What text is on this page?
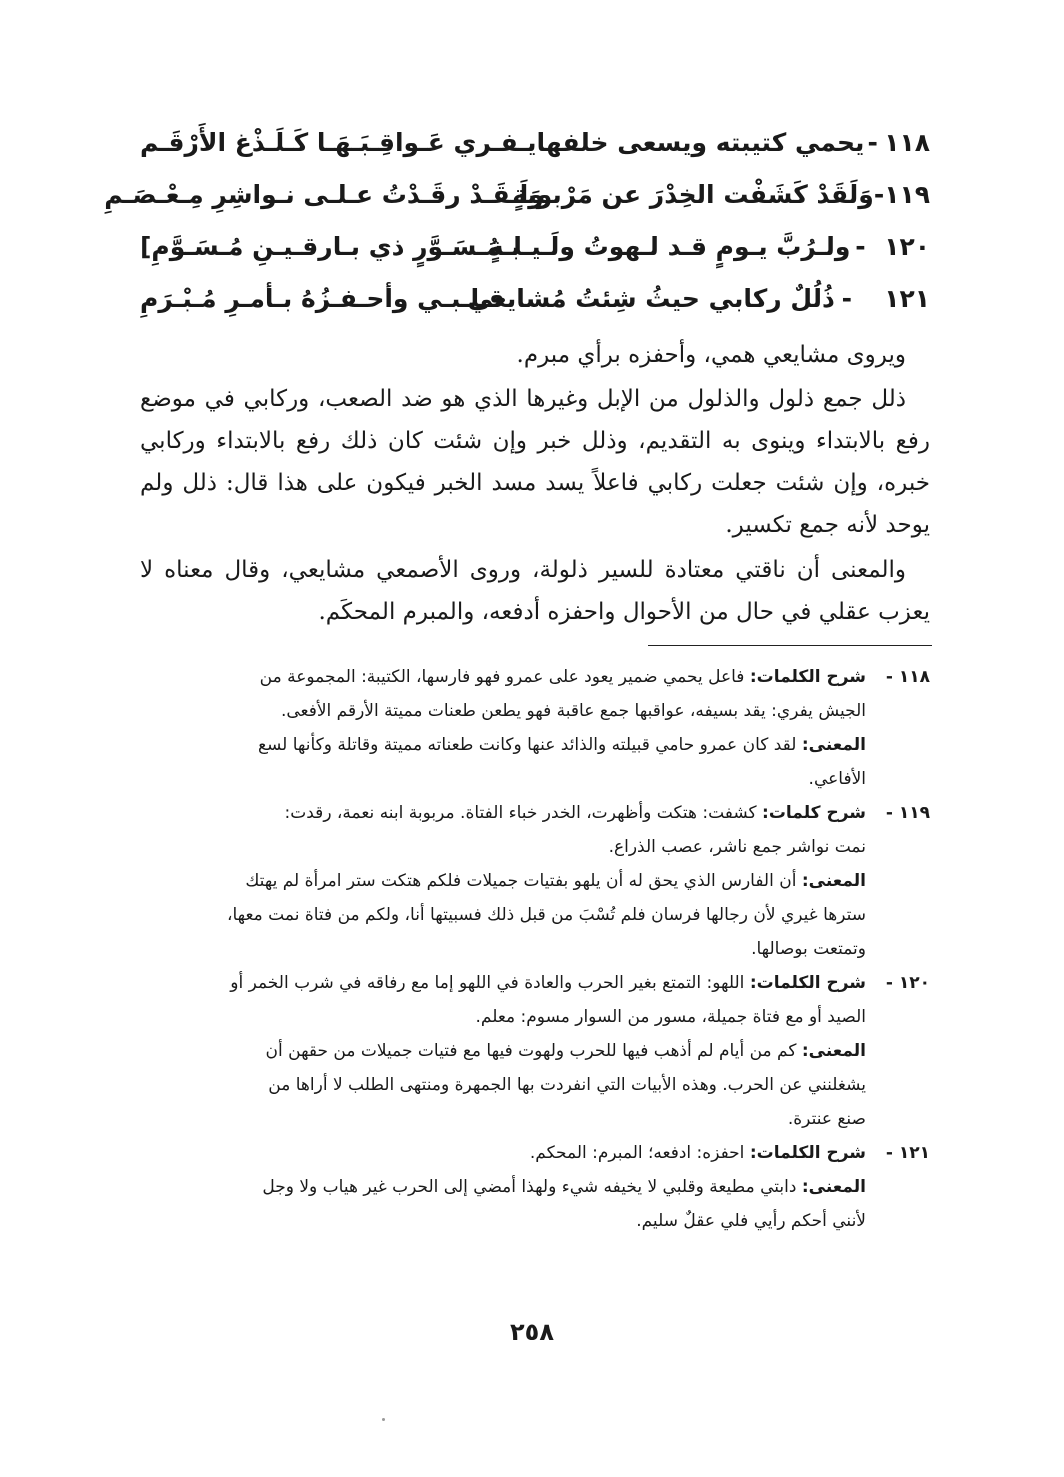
١١٨
-
يحمي كتيبته ويسعى خلفها
يـفـري عَـواقِـبَـهَـا كَـلَـذْغ الأَرْقَـم
١١٩
-
وَلَقَدْ كَشَفْت الخِدْرَ عن مَرْبوبةٍ
وَلَـقَـدْ رقَـدْتُ عـلـى نـواشِرِ مِـعْـصَـمِ
١٢٠
-
ولـرُبَّ يـومٍ قـد لـهوتُ ولَـيـلـةٍ
بـمُـسَـوَّرٍ ذي بـارقـيـنِ مُـسَـوَّمِ]
١٢١
-
ذُلُلٌ ركابي حيثُ شِئتُ مُشايعي
قـلـبـي وأحـفـزُهُ بـأمـرِ مُـبْـرَمِ

ويروى مشايعي همي، وأحفزه برأي مبرم.

ذلل جمع ذلول والذلول من الإبل وغيرها الذي هو ضد الصعب، وركابي في موضع رفع بالابتداء وينوى به التقديم، وذلل خبر وإن شئت كان ذلك رفع بالابتداء وركابي خبره، وإن شئت جعلت ركابي فاعلاً يسد مسد الخبر فيكون على هذا قال: ذلل ولم يوحد لأنه جمع تكسير.

والمعنى أن ناقتي معتادة للسير ذلولة، وروى الأصمعي مشايعي، وقال معناه لا يعزب عقلي في حال من الأحوال واحفزه أدفعه، والمبرم المحكَم.

١١٨ -
شرح الكلمات: فاعل يحمي ضمير يعود على عمرو فهو فارسها، الكتيبة: المجموعة من
الجيش يفري: يقد بسيفه، عواقبها جمع عاقبة فهو يطعن طعنات مميتة الأرقم الأفعى.
المعنى: لقد كان عمرو حامي قبيلته والذائد عنها وكانت طعناته مميتة وقاتلة وكأنها لسع
الأفاعي.
١١٩ -
شرح كلمات: كشفت: هتكت وأظهرت، الخدر خباء الفتاة. مربوبة ابنه نعمة، رقدت:
نمت نواشر جمع ناشر، عصب الذراع.
المعنى: أن الفارس الذي يحق له أن يلهو بفتيات جميلات فلكم هتكت ستر امرأة لم يهتك
سترها غيري لأن رجالها فرسان فلم تُسْبَ من قبل ذلك فسبيتها أنا، ولكم من فتاة نمت معها،
وتمتعت بوصالها.
١٢٠ -
شرح الكلمات: اللهو: التمتع بغير الحرب والعادة في اللهو إما مع رفاقه في شرب الخمر أو
الصيد أو مع فتاة جميلة، مسور من السوار مسوم: معلم.
المعنى: كم من أيام لم أذهب فيها للحرب ولهوت فيها مع فتيات جميلات من حقهن أن
يشغلنني عن الحرب. وهذه الأبيات التي انفردت بها الجمهرة ومنتهى الطلب لا أراها من
صنع عنترة.
١٢١ -
شرح الكلمات: احفزه: ادفعه؛ المبرم: المحكم.
المعنى: دابتي مطيعة وقلبي لا يخيفه شيء ولهذا أمضي إلى الحرب غير هياب ولا وجل
لأنني أحكم رأيي فلي عقلٌ سليم.
٢٥٨
